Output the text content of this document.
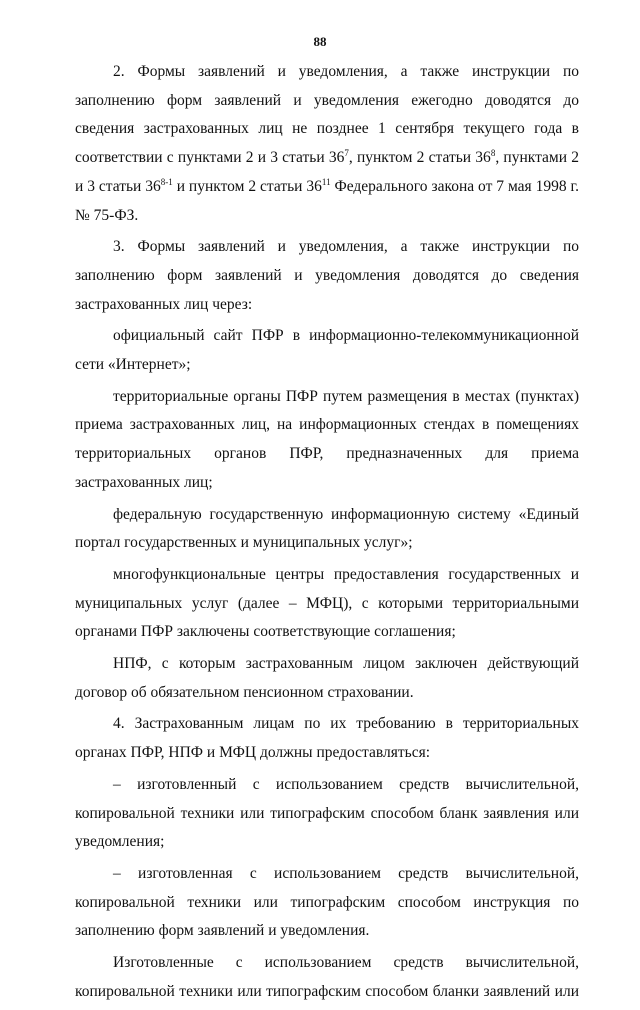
88

2. Формы заявлений и уведомления, а также инструкции по заполнению форм заявлений и уведомления ежегодно доводятся до сведения застрахованных лиц не позднее 1 сентября текущего года в соответствии с пунктами 2 и 3 статьи $36^7$, пунктом 2 статьи $36^8$, пунктами 2 и 3 статьи 36$^{8-1}$ и пунктом 2 статьи $36^{11}$ Федерального закона от 7 мая 1998 г. № 75-ФЗ.

3. Формы заявлений и уведомления, а также инструкции по заполнению форм заявлений и уведомления доводятся до сведения застрахованных лиц через:

официальный сайт ПФР в информационно-телекоммуникационной сети «Интернет»;

территориальные органы ПФР путем размещения в местах (пунктах) приема застрахованных лиц, на информационных стендах в помещениях территориальных органов ПФР, предназначенных для приема застрахованных лиц;

федеральную государственную информационную систему «Единый портал государственных и муниципальных услуг»;

многофункциональные центры предоставления государственных и муниципальных услуг (далее – МФЦ), с которыми территориальными органами ПФР заключены соответствующие соглашения;

НПФ, с которым застрахованным лицом заключен действующий договор об обязательном пенсионном страховании.

4. Застрахованным лицам по их требованию в территориальных органах ПФР, НПФ и МФЦ должны предоставляться:

– изготовленный с использованием средств вычислительной, копировальной техники или типографским способом бланк заявления или уведомления;

– изготовленная с использованием средств вычислительной, копировальной техники или типографским способом инструкция по заполнению форм заявлений и уведомления.

Изготовленные с использованием средств вычислительной, копировальной техники или типографским способом бланки заявлений или
